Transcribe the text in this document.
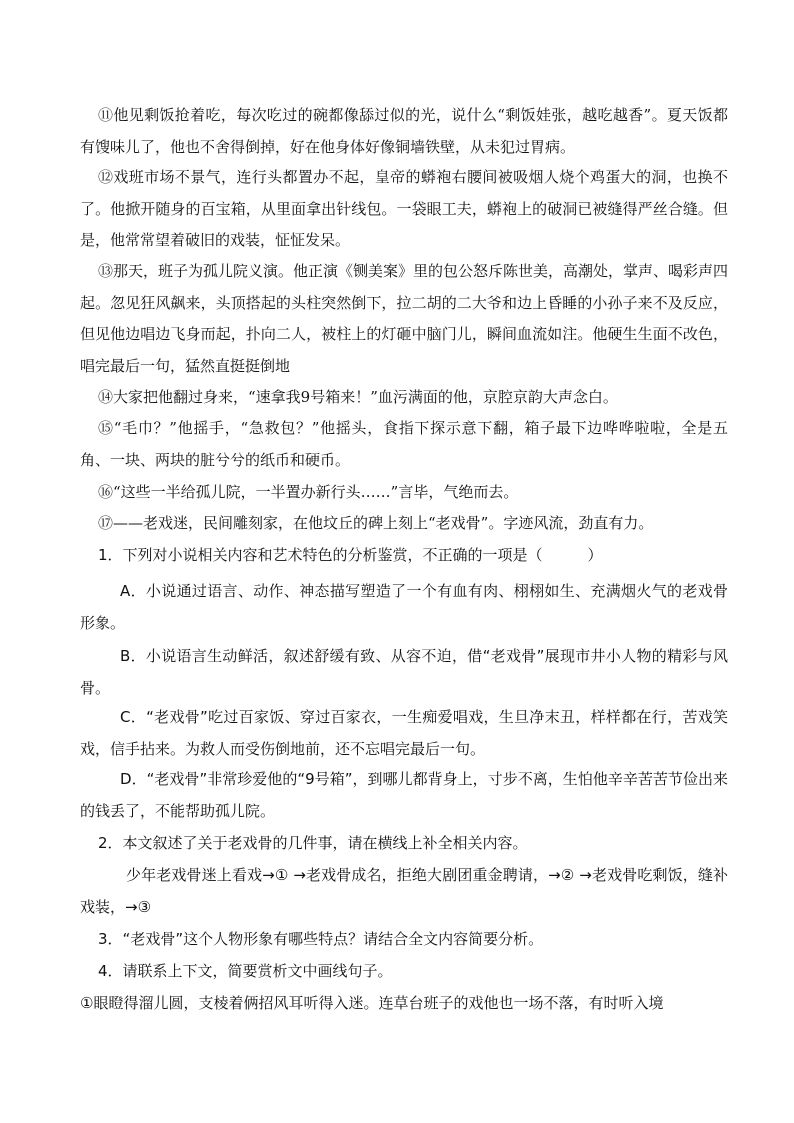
⑪他见剩饭抢着吃，每次吃过的碗都像舔过似的光，说什么“剩饭娃张，越吃越香”。夏天饭都有馊味儿了，他也不舍得倒掉，好在他身体好像铜墙铁壁，从未犯过胃病。

⑫戏班市场不景气，连行头都置办不起，皇帝的蟒袍右腰间被吸烟人烧个鸡蛋大的洞，也换不了。他掀开随身的百宝箱，从里面拿出针线包。一袋眼工夫，蟒袍上的破洞已被缝得严丝合缝。但是，他常常望着破旧的戏装，怔怔发呆。

⑬那天，班子为孤儿院义演。他正演《铡美案》里的包公怒斥陈世美，高潮处，掌声、喝彩声四起。忽见狂风飙来，头顶搭起的头柱突然倒下，拉二胡的二大爷和边上昏睡的小孙子来不及反应，但见他边唱边飞身而起，扑向二人，被柱上的灯砸中脑门儿，瞬间血流如注。他硬生生面不改色，唱完最后一句，猛然直挺挺倒地

⑭大家把他翻过身来，“速拿我9号箱来！”血污满面的他，京腔京韵大声念白。

⑮“毛巾？”他摇手，“急救包？”他摇头，食指下探示意下翻，箱子最下边哗哗啦啦，全是五角、一块、两块的脏兮兮的纸币和硬币。

⑯“这些一半给孤儿院，一半置办新行头……”言毕，气绝而去。

⑰——老戏迷，民间雕刻家，在他坟丘的碑上刻上“老戏骨”。字迹风流，劲直有力。

1．下列对小说相关内容和艺术特色的分析鉴赏，不正确的一项是（　　　）

A．小说通过语言、动作、神态描写塑造了一个有血有肉、栩栩如生、充满烟火气的老戏骨形象。

B．小说语言生动鲜活，叙述舒缓有致、从容不迫，借“老戏骨”展现市井小人物的精彩与风骨。

C．“老戏骨”吃过百家饭、穿过百家衣，一生痴爱唱戏，生旦净末丑，样样都在行，苦戏笑戏，信手拈来。为救人而受伤倒地前，还不忘唱完最后一句。

D．“老戏骨”非常珍爱他的“9号箱”，到哪儿都背身上，寸步不离，生怕他辛辛苦苦节俭出来的钱丢了，不能帮助孤儿院。

2．本文叙述了关于老戏骨的几件事，请在横线上补全相关内容。

少年老戏骨迷上看戏→① →老戏骨成名，拒绝大剧团重金聘请，→② →老戏骨吃剩饭，缝补戏装，→③

3．“老戏骨”这个人物形象有哪些特点？请结合全文内容简要分析。

4．请联系上下文，简要赏析文中画线句子。

①眼瞪得溜儿圆，支棱着俩招风耳听得入迷。连草台班子的戏他也一场不落，有时听入境
